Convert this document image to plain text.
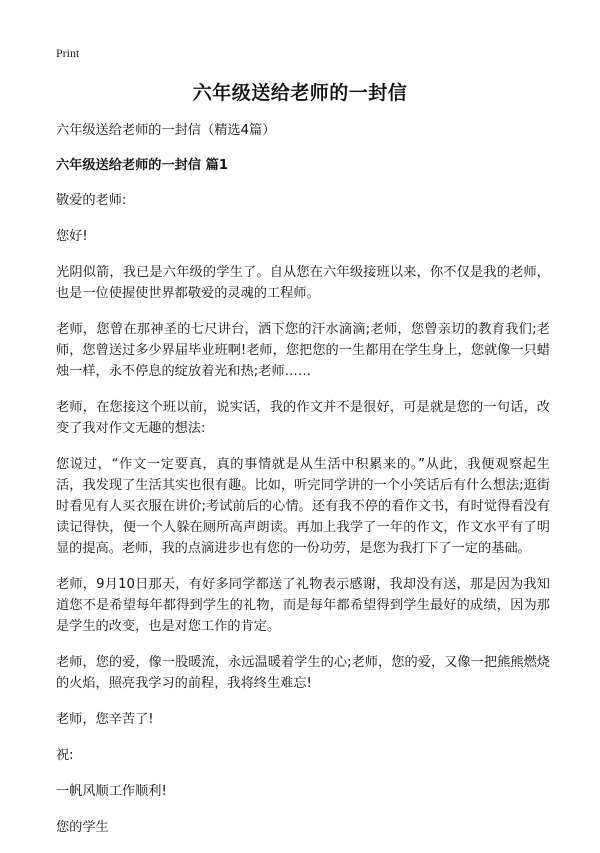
Print
六年级送给老师的一封信

六年级送给老师的一封信（精选4篇）

六年级送给老师的一封信 篇1

敬爱的老师:

您好!

光阴似箭，我已是六年级的学生了。自从您在六年级接班以来，你不仅是我的老师，也是一位使握使世界都敬爱的灵魂的工程师。

老师，您曾在那神圣的七尺讲台，洒下您的汗水滴滴;老师，您曾亲切的教育我们;老师，您曾送过多少界届毕业班啊!老师，您把您的一生都用在学生身上，您就像一只蜡烛一样，永不停息的绽放着光和热;老师……

老师，在您接这个班以前，说实话，我的作文并不是很好，可是就是您的一句话，改变了我对作文无趣的想法:

您说过，“作文一定要真，真的事情就是从生活中积累来的。”从此，我便观察起生活，我发现了生活其实也很有趣。比如，听完同学讲的一个小笑话后有什么想法;逛街时看见有人买衣服在讲价;考试前后的心情。还有我不停的看作文书，有时觉得看没有读记得快，便一个人躲在厕所高声朗读。再加上我学了一年的作文，作文水平有了明显的提高。老师，我的点滴进步也有您的一份功劳，是您为我打下了一定的基础。

老师，9月10日那天，有好多同学都送了礼物表示感谢，我却没有送，那是因为我知道您不是希望每年都得到学生的礼物，而是每年都希望得到学生最好的成绩，因为那是学生的改变，也是对您工作的肯定。

老师，您的爱，像一股暖流，永远温暖着学生的心;老师，您的爱，又像一把熊熊燃烧的火焰，照亮我学习的前程，我将终生难忘!

老师，您辛苦了!

祝:

一帆风顺工作顺利!

您的学生
